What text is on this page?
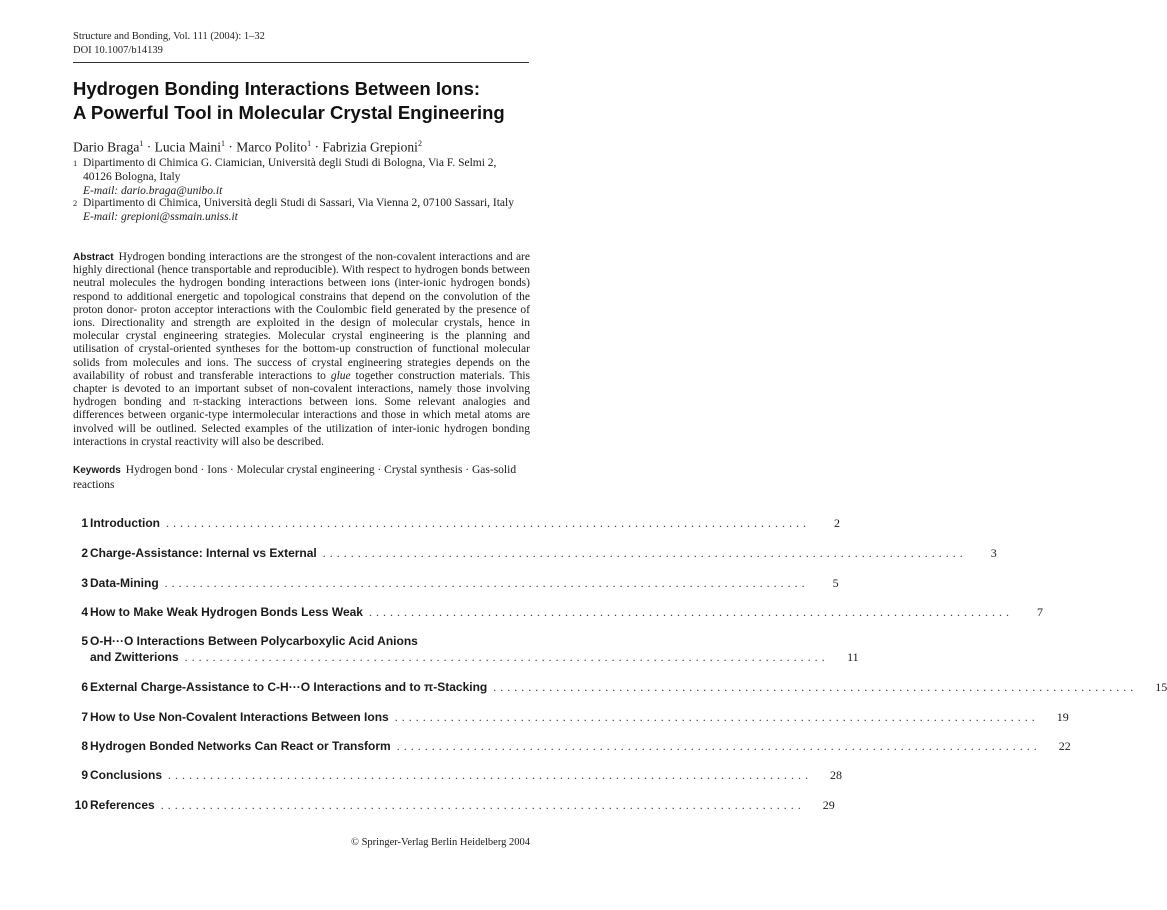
Structure and Bonding, Vol. 111 (2004): 1–32
DOI 10.1007/b14139
Hydrogen Bonding Interactions Between Ions:
A Powerful Tool in Molecular Crystal Engineering
Dario Braga$^1$ · Lucia Maini$^1$ · Marco Polito$^1$ · Fabrizia Grepioni$^2$
1 Dipartimento di Chimica G. Ciamician, Università degli Studi di Bologna, Via F. Selmi 2,
40126 Bologna, Italy
E-mail: dario.braga@unibo.it
2 Dipartimento di Chimica, Università degli Studi di Sassari, Via Vienna 2, 07100 Sassari, Italy
E-mail: grepioni@ssmain.uniss.it
Abstract Hydrogen bonding interactions are the strongest of the non-covalent interactions and are highly directional (hence transportable and reproducible). With respect to hydrogen bonds between neutral molecules the hydrogen bonding interactions between ions (inter-ionic hydrogen bonds) respond to additional energetic and topological constrains that depend on the convolution of the proton donor- proton acceptor interactions with the Coulombic field generated by the presence of ions. Directionality and strength are exploited in the design of molecular crystals, hence in molecular crystal engineering strategies. Molecular crystal engineering is the planning and utilisation of crystal-oriented syntheses for the bottom-up construction of functional molecular solids from molecules and ions. The success of crystal engineering strategies depends on the availability of robust and transferable interactions to glue together construction materials. This chapter is devoted to an important subset of non-covalent interactions, namely those involving hydrogen bonding and π-stacking interactions between ions. Some relevant analogies and differences between organic-type intermolecular interactions and those in which metal atoms are involved will be outlined. Selected examples of the utilization of inter-ionic hydrogen bonding interactions in crystal reactivity will also be described.
Keywords Hydrogen bond · Ions · Molecular crystal engineering · Crystal synthesis · Gas-solid reactions
1 Introduction ............................................................................................	2
2 Charge-Assistance: Internal vs External ............................................................................................	3
3 Data-Mining ............................................................................................	5
4 How to Make Weak Hydrogen Bonds Less Weak ............................................................................................	7
5 O-H···O Interactions Between Polycarboxylic Acid Anions
and Zwitterions ............................................................................................	11
6 External Charge-Assistance to C-H···O Interactions and to π-Stacking ............................................................................................	15
7 How to Use Non-Covalent Interactions Between Ions ............................................................................................	19
8 Hydrogen Bonded Networks Can React or Transform ............................................................................................	22
9 Conclusions ............................................................................................	28
10 References ............................................................................................	29
© Springer-Verlag Berlin Heidelberg 2004
